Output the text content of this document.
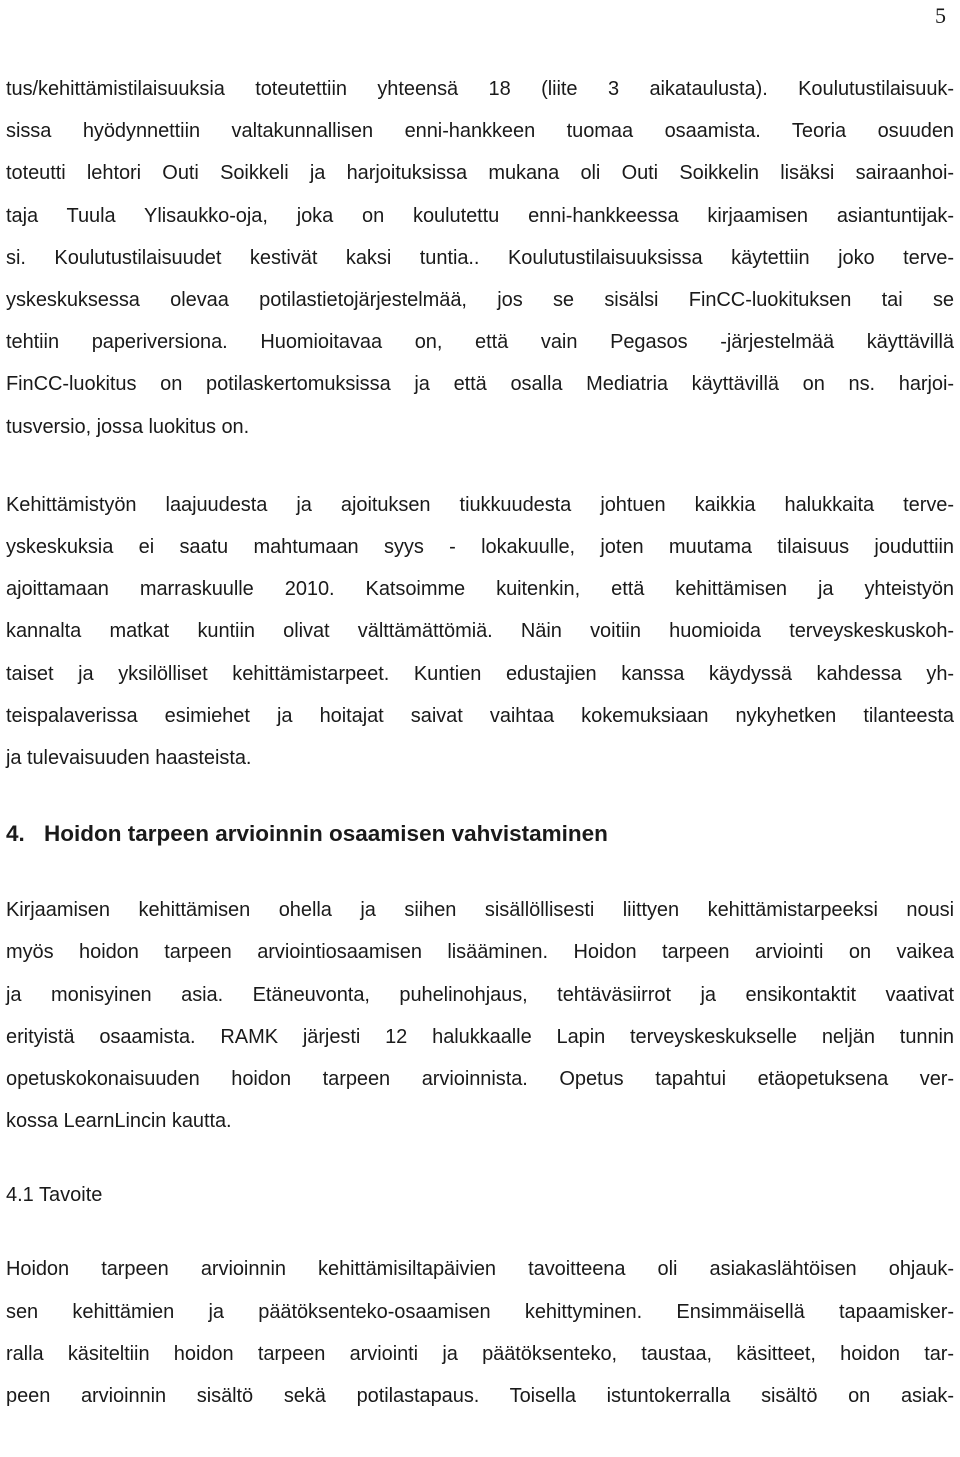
5
tus/kehittämistilaisuuksia toteutettiin yhteensä 18 (liite 3 aikataulusta). Koulutustilaisuuk-
sissa hyödynnettiin valtakunnallisen enni-hankkeen tuomaa osaamista. Teoria osuuden
toteutti lehtori Outi Soikkeli ja harjoituksissa mukana oli Outi Soikkelin lisäksi sairaanhoi-
taja Tuula Ylisaukko-oja, joka on koulutettu enni-hankkeessa kirjaamisen asiantuntijak-
si. Koulutustilaisuudet kestivät kaksi tuntia.. Koulutustilaisuuksissa käytettiin joko terve-
yskeskuksessa olevaa potilastietojärjestelmää, jos se sisälsi FinCC-luokituksen tai se
tehtiin paperiversiona. Huomioitavaa on, että vain Pegasos -järjestelmää käyttävillä
FinCC-luokitus on potilaskertomuksissa ja että osalla Mediatria käyttävillä on ns. harjoi-
tusversio, jossa luokitus on.
Kehittämistyön laajuudesta ja ajoituksen tiukkuudesta johtuen kaikkia halukkaita terve-
yskeskuksia ei saatu mahtumaan syys - lokakuulle, joten muutama tilaisuus jouduttiin
ajoittamaan marraskuulle 2010. Katsoimme kuitenkin, että kehittämisen ja yhteistyön
kannalta matkat kuntiin olivat välttämättömiä. Näin voitiin huomioida terveyskeskuskoh-
taiset ja yksilölliset kehittämistarpeet. Kuntien edustajien kanssa käydyssä kahdessa yh-
teispalaverissa esimiehet ja hoitajat saivat vaihtaa kokemuksiaan nykyhetken tilanteesta
ja tulevaisuuden haasteista.
4. Hoidon tarpeen arvioinnin osaamisen vahvistaminen
Kirjaamisen kehittämisen ohella ja siihen sisällöllisesti liittyen kehittämistarpeeksi nousi
myös hoidon tarpeen arviointiosaamisen lisääminen. Hoidon tarpeen arviointi on vaikea
ja monisyinen asia. Etäneuvonta, puhelinohjaus, tehtäväsiirrot ja ensikontaktit vaativat
erityistä osaamista. RAMK järjesti 12 halukkaalle Lapin terveyskeskukselle neljän tunnin
opetuskokonaisuuden hoidon tarpeen arvioinnista. Opetus tapahtui etäopetuksena ver-
kossa LearnLincin kautta.
4.1 Tavoite
Hoidon tarpeen arvioinnin kehittämisiltapäivien tavoitteena oli asiakaslähtöisen ohjauk-
sen kehittämien ja päätöksenteko-osaamisen kehittyminen. Ensimmäisellä tapaamisker-
ralla käsiteltiin hoidon tarpeen arviointi ja päätöksenteko, taustaa, käsitteet, hoidon tar-
peen arvioinnin sisältö sekä potilastapaus. Toisella istuntokerralla sisältö on asiak-
